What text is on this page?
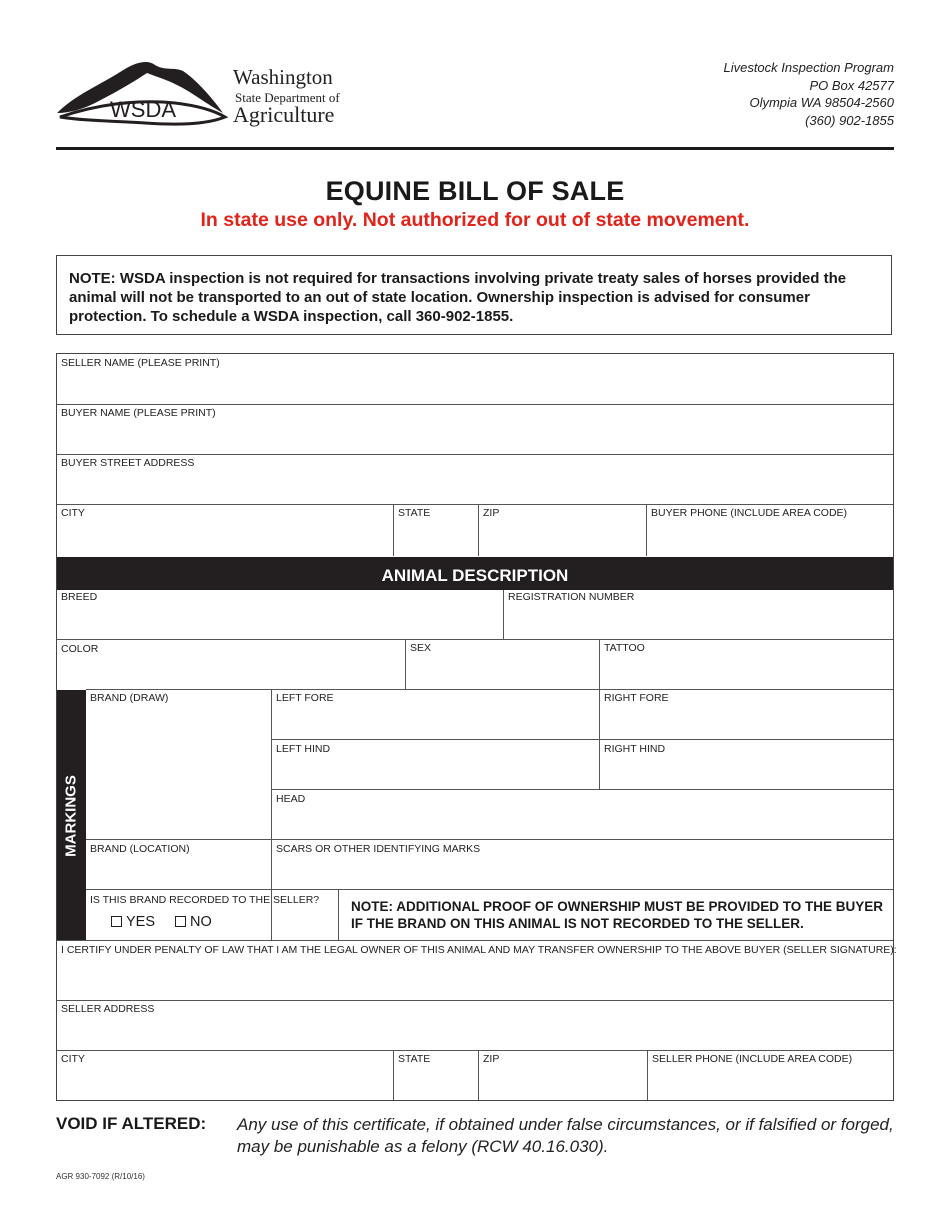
WSDA
Washington
State Department of
Agriculture
Livestock Inspection Program
PO Box 42577
Olympia WA 98504-2560
(360) 902-1855
EQUINE BILL OF SALE
In state use only. Not authorized for out of state movement.
NOTE: WSDA inspection is not required for transactions involving private treaty sales of horses provided the animal will not be transported to an out of state location. Ownership inspection is advised for consumer protection. To schedule a WSDA inspection, call 360-902-1855.
SELLER NAME (PLEASE PRINT)
BUYER NAME (PLEASE PRINT)
BUYER STREET ADDRESS
CITY	STATE	ZIP	BUYER PHONE (INCLUDE AREA CODE)
ANIMAL DESCRIPTION
BREED	REGISTRATION NUMBER
COLOR	SEX	TATTOO
MARKINGS
BRAND (DRAW)	LEFT FORE	RIGHT FORE
LEFT HIND	RIGHT HIND
HEAD
BRAND (LOCATION)	SCARS OR OTHER IDENTIFYING MARKS
IS THIS BRAND RECORDED TO THE SELLER?
YES NO
NOTE: ADDITIONAL PROOF OF OWNERSHIP MUST BE PROVIDED TO THE BUYER IF THE BRAND ON THIS ANIMAL IS NOT RECORDED TO THE SELLER.
I CERTIFY UNDER PENALTY OF LAW THAT I AM THE LEGAL OWNER OF THIS ANIMAL AND MAY TRANSFER OWNERSHIP TO THE ABOVE BUYER (SELLER SIGNATURE):
SELLER ADDRESS
CITY	STATE	ZIP	SELLER PHONE (INCLUDE AREA CODE)
VOID IF ALTERED: Any use of this certificate, if obtained under false circumstances, or if falsified or forged, may be punishable as a felony (RCW 40.16.030).
AGR 930-7092 (R/10/16)
